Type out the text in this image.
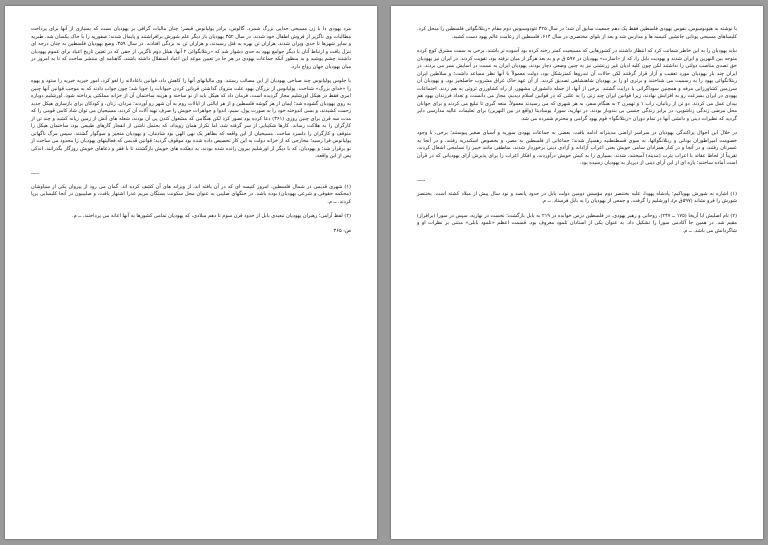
مرد یهودی دا با زن مسیحی جدایی بزرگ شمرد. گالوس، برادر پولیانوس قیصر؛ چنان مالیات گزافی بر یهودیان بست که بسیاری از آنها برای پرداخت مطالبات وی ناگزیر از فروش اطفال خود شدند. در سال ۳۵۲ یهودیان بار دیگر علم شورش برافراشتند و پایمال شدند؛ صفوریه را با خاک یکسان شد، طبریه و سایر شهرها تا حدی ویران شدند، هزاران تن بهره به قتل رسیدند، و هزاران تن به بردگی افتادند. در سال ۳۵۹، وضع یهودیان فلسطین به چنان درجه ای تنزل یافت و ارتباط آنان با دیگر جوامع یهود به حدی دشوار شد که «ربتلانگوائی ۲ آنها، هیلل دوم ناگزیر، از حقی که در تعیین تاریخ اعیاد برای عموم یهودیان داشتند چشم پوشید و به منظور آنکه جماعات یهودی در هر جا در تعیین موعد این اعیاد استقلال داشته باشند، گاهنامه ای منتشر ساخت که تا به امروز در میان یهودیان جهان رواج دارد.

با جلوس پولیانوس چند صباحی یهودیان از این مصائب رستند. وی مالیاتهای آنها را کاهش داد، قوانین ناعادلانه را لغو کرد، امور خیریه خیریه را ستود و یهوه را «خدای بزرگ» شناخت. پولیانوس از بزرگان یهود علت متروک گذاشتن قربانی کردن حیوانات را جویا شد؛ چون جواب دادند که به موجب قوانین آنها چنین امری فقط در هیکل اورشلیم مجاز گردیده است، فرمان داد که هیکل باید از نو ساخته و هزینه ساختمان آن از خزانه مملکتی پرداخته شود. اورشلیم دوباره به روی یهودیان گشوده شد؛ ایمان از هر گوشه فلسطین و از هر ایالتی از ایالات روم به آن شهر رو آوردند؛ مردان، زنان، و کودکان برای بازسازی هیکل جدید زحمت کشیدند، و بسی اندوخته خود را به صورت پول، سیم، اندوا و جواهرات خویش را صرف تهیه آلات آن کردند. مسیحیان می توان شاد کامی قومی را که مدت سه قرن برای چنین روزی (۳۶۱) دعا کرده بود تصور کرد لکن هنگامی که مشغول کندن پی آن بودند، شعله های آتش از زمین زبانه کشید و چند تن از کارگران را به هلاکت رساند. کارها شکیبایی از سر گرفته شد، اما تکرار همان رویداد، که بحتمل ناشی از انفجار گازهای طبیعی بود، ساختمان هیکل را متوقف و کارگران را دلسرد ساخت. مسیحیان از این واقعه که بظاهر یک نهی الهی بود شادمان، و یهودیان متحیر و سوگوار گشتند. سپس مرگ ناگهانی پولیانوس فرا رسید؛ مخارجی که از خزانه دولت به این کار تخصیص داده شده بود موقوف گردید؛ قوانین قدیمی که فعالیتهای یهودیان را محدود می ساخت از نو برقرار شد؛ و یهودیان، که با دیگر از اورشلیم بیرون رانده شده بودند، به دهکده های خویش بازگشتند تا با فقر و دعاهای خویش روزگار بگذرانند. اندکی پس از این واقعه،

----

(۱) شهری قدیمی در شمال فلسطین. امروز کنیسه ای که در آن یافته اند، از ویرانه های آن کشف کرده اند. گمان می رود از پیروان یکی از سیاوشان (محکمه حقوقی و شرعی یهودیان) بوده باشد. در جنگهای صلیبی به عنوان محل سکونت بستگان مریم عذرا اشتهار یافت، و صلیبیون در آنجا کلیسایی برپا کردند. ــ م.

(۲) لفظ آرامی؛ رهبران یهودیان تبعیدی بابل از حدود قرن سوم تا دهم میلادی، که یهودیان تمامی کشورها به آنها اعانه می پرداختند. ــ م.

ص: ۴۶۵

با نوشته به هیونوسوس، نفوس یهودی فلسطین فقط یک دهم جمعیت سابق آن شد؛ در سال ۴۲۵ تئودوسیوس دوم مقام «ربتلانگوائی فلسطین را منحل کرد. کلیساهای مسیحی یونانی جانشین کنیسه ها و مدارس شد و بعد از بلوای مختصری در سال ۶۱۴، فلسطین از زعامت عالم یهود دست کشید.

نباید یهودیان را به این خاطر شماتت کرد که انتظار داشتند در کشورهایی که مسیحیت کمتر رخنه کرده بود آسوده تر باشند. برخی به سمت مشرق کوچ کرده متوجه بین النهرین و ایران شدند و یهودیت بابل را، که از «اسارت» یهودیان در ۵۹۷ ق م و به بعد هرگز از میان نرفته بود، تقویت کردند. در ایران نیز یهودیان حق تصدی مناصب دولتی را نداشتند لکن چون کلیه ادیان غیر زرتشتی نیز به چنین وضعی دچار بودند، یهودیان ایران به نسبت در آسایش بسر می بردند. در ایران چند بار یهودیان مورد تعقیب و آزار قرار گرفتند لکن حالات آن تندروها کمترشکل بود، دولت معمولاً با آنها نظر مساعد داشت؛ و سلاطین ایران ربتلانگوائی یهود را به رسمیت می شناختند و برتری او را بر یهودیان شاهنشاهی تصدیق کردند. از آن عهد خاک عراق مشروب حاصلخیز بود، و یهودیان آن سرزمین کشاورزانی مرفه و همچنین سوداگرانی با درایت گشتند. برخی از آنها، از جمله دانشوران مشهور، از راه کشاورزی ثروتی به هم زدند. اجتماعات یهودی در ایران بسرعت رو به افزایش نهادند، زیرا قوانین ایران چند زنی را به علتی که در قوانین اسلام دیدیم، مجاز می دانست، و تعداد فرزندان یهود هم بیدان عمل می کردند. دو تن از ربانیان، راب ۱ و نهمرن ۲ به هنگام سفر، به هر شهری که می رسیدند معمولاً، متعه گیری تا تبلیغ می کردند و برای جوانان محل مرضی زندگی زناشویی، در برابر زندگی جنسی بی بندوبار بودند. در نهاریه، سورا، پومبادیتا (واقع در بین النهرین) برای تعلیمات عالیه مدارسی دایر گردید که نظیرات دینی و دانشی آنها در تمام دوران «ربتلانگوا» قوم یهود گرامی و محترم شمرده می شد.

در خلال این احوال پراکندگی یهودیان در سراسر اراضی مدیترانه ادامه یافت. بعضی به جماعات یهودی سوریه و آسیای صغیر پیوستند؛ برخی، با وجود خصومت امپراطوران یونانی و ربتلانگوائها، به سوی قسطنطنیه رهسپار شدند؛ جماعاتی از فلسطین به مصر، و بخصوص اسکندریه رفتند، و در آنجا به عسرتان رفتند، و در آنجا و در کنار همزادان سامی خویش یعنی اعراب آزادانه و آزادی دینی برخوردار شدند، مناطقی مانند خیبر را تسامحی اشغال کردند، تقریباً از لحاظ عقائد با اعراب یثرب (مدینه) آمیختند، شدند. بسیاری را به کیش خویش درآوردند، و افکار اعراب را برای پذیرش آرای یهودیانی که در قرآن است آماده ساختند؛ یاره ای از این آرای دینی از دیرباز به یهودیان رسیده بود.

----

(۱) اشاره به شورش یهویاکیم؛ پادشاه یهودا، علیه بختنصر دوم مؤسس دومین دولت بابل در حدود پانصد و نود سال پیش از میلاد کشته است. بختنصر شورش را فرو نشاند (۵۹۷ق م)، اورشلیم را گرفت، و جمعی از یهودیان را به بابل فرستاد. ــ م.

(۲) نام اصلیش ابا آریخا (۱۷۵ ــ ۲۴۷)، روحانی و رهبر یهودی. در فلسطین درس خوانده در ۲۱۹ به بابل بازگشت؛ نخست در نهاریه، سپس در سورا (برافراز) مقیم شد. در همین جا آکادمی سورا را تشکیل داد. به عنوان یکی از استادان تلمود معروف بود. قسمت اعظم «تلمود بابلی» مبتنی بر نظرات او و شاگردانش می باشد. ــ م.
